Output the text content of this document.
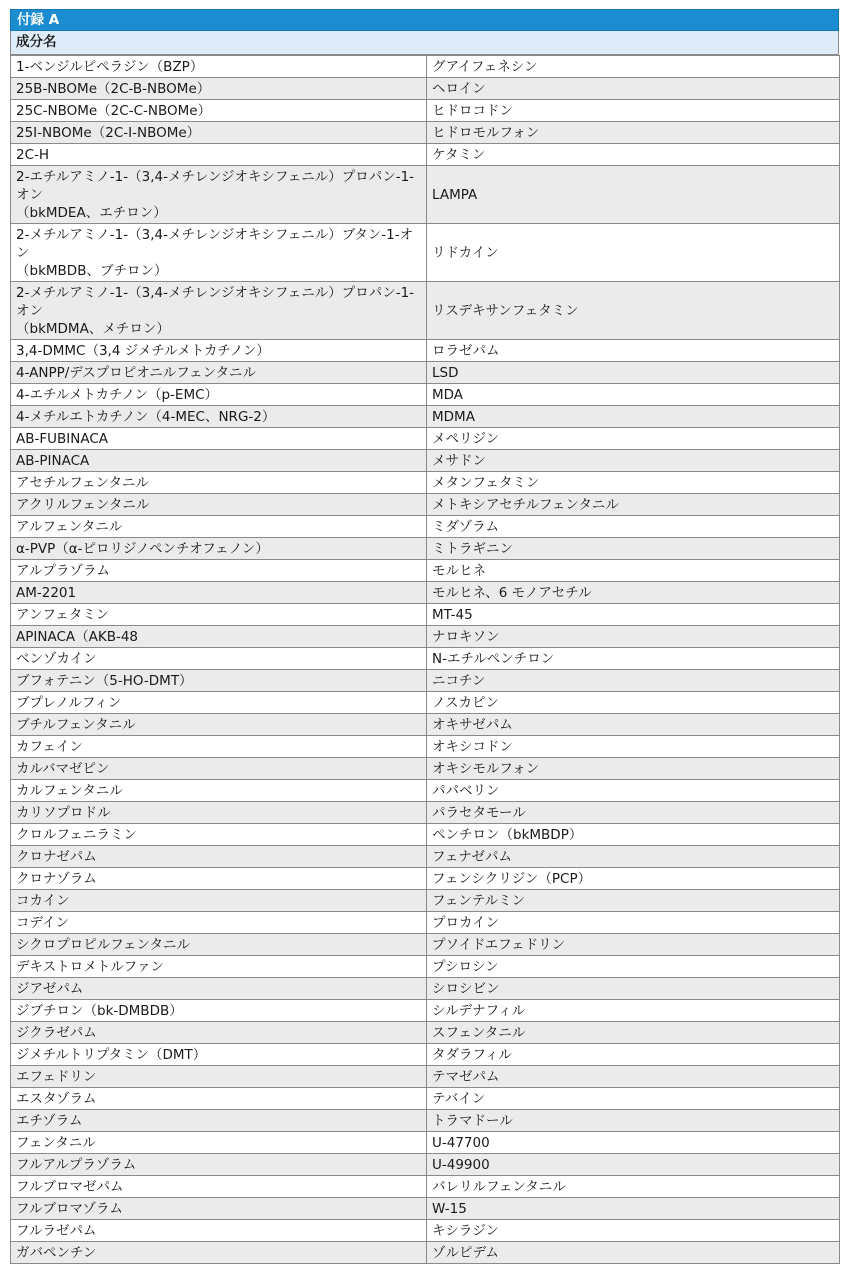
付録 A
成分名
1-ベンジルピペラジン（BZP）	グアイフェネシン
25B-NBOMe（2C-B-NBOMe）	ヘロイン
25C-NBOMe（2C-C-NBOMe）	ヒドロコドン
25I-NBOMe（2C-I-NBOMe）	ヒドロモルフォン
2C-H	ケタミン
2-エチルアミノ-1-（3,4-メチレンジオキシフェニル）プロパン-1-オン
（bkMDEA、エチロン）	LAMPA
2-メチルアミノ-1-（3,4-メチレンジオキシフェニル）ブタン-1-オン
（bkMBDB、ブチロン）	リドカイン
2-メチルアミノ-1-（3,4-メチレンジオキシフェニル）プロパン-1-オン
（bkMDMA、メチロン）	リスデキサンフェタミン
3,4-DMMC（3,4 ジメチルメトカチノン）	ロラゼパム
4-ANPP/デスプロピオニルフェンタニル	LSD
4-エチルメトカチノン（p-EMC）	MDA
4-メチルエトカチノン（4-MEC、NRG-2）	MDMA
AB-FUBINACA	メペリジン
AB-PINACA	メサドン
アセチルフェンタニル	メタンフェタミン
アクリルフェンタニル	メトキシアセチルフェンタニル
アルフェンタニル	ミダゾラム
α-PVP（α-ピロリジノペンチオフェノン）	ミトラギニン
アルプラゾラム	モルヒネ
AM-2201	モルヒネ、6 モノアセチル
アンフェタミン	MT-45
APINACA（AKB-48	ナロキソン
ベンゾカイン	N-エチルペンチロン
ブフォテニン（5-HO-DMT）	ニコチン
ブプレノルフィン	ノスカピン
ブチルフェンタニル	オキサゼパム
カフェイン	オキシコドン
カルバマゼピン	オキシモルフォン
カルフェンタニル	パパベリン
カリソプロドル	パラセタモール
クロルフェニラミン	ペンチロン（bkMBDP）
クロナゼパム	フェナゼパム
クロナゾラム	フェンシクリジン（PCP）
コカイン	フェンテルミン
コデイン	プロカイン
シクロプロピルフェンタニル	プソイドエフェドリン
デキストロメトルファン	プシロシン
ジアゼパム	シロシビン
ジブチロン（bk-DMBDB）	シルデナフィル
ジクラゼパム	スフェンタニル
ジメチルトリプタミン（DMT）	タダラフィル
エフェドリン	テマゼパム
エスタゾラム	テバイン
エチゾラム	トラマドール
フェンタニル	U-47700
フルアルプラゾラム	U-49900
フルブロマゼパム	バレリルフェンタニル
フルブロマゾラム	W-15
フルラゼパム	キシラジン
ガバペンチン	ゾルピデム
